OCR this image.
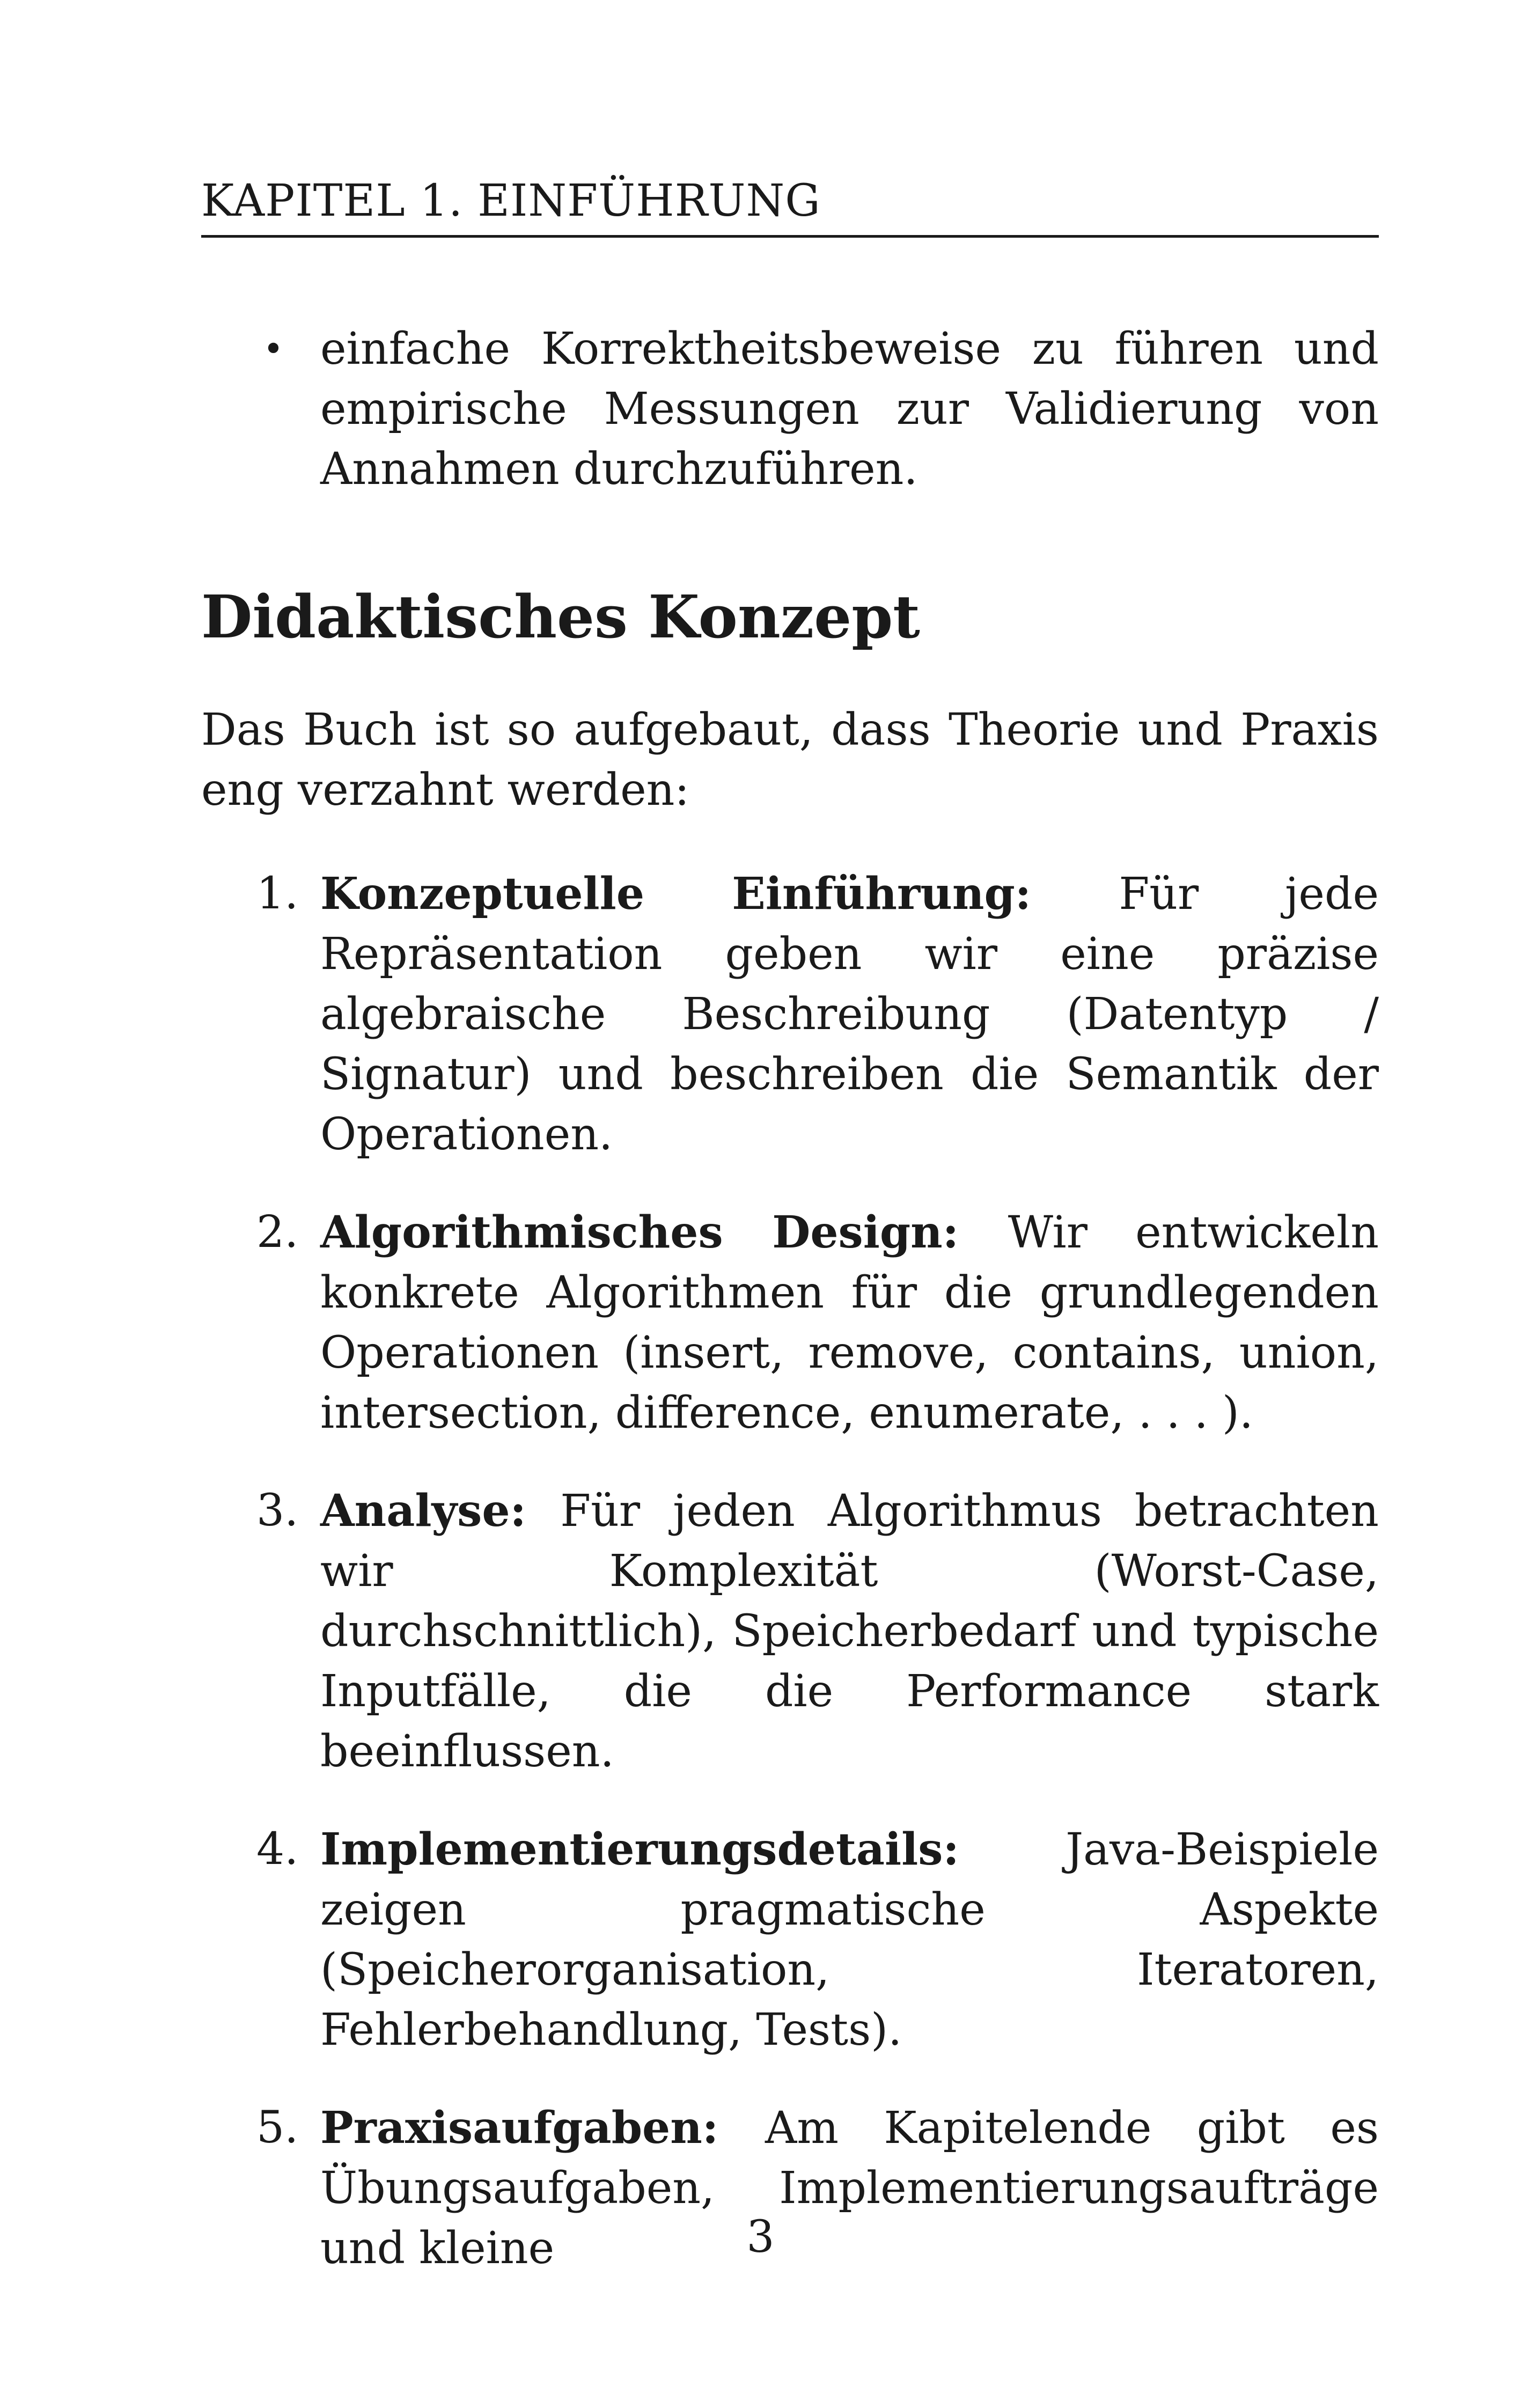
KAPITEL 1. EINFÜHRUNG
• einfache Korrektheitsbeweise zu führen und empirische Messungen zur Validierung von Annahmen durchzuführen.
Didaktisches Konzept
Das Buch ist so aufgebaut, dass Theorie und Praxis eng verzahnt werden:
1. Konzeptuelle Einführung: Für jede Repräsentation geben wir eine präzise algebraische Beschreibung (Datentyp / Signatur) und beschreiben die Semantik der Operationen.
2. Algorithmisches Design: Wir entwickeln konkrete Algorithmen für die grundlegenden Operationen (insert, remove, contains, union, intersection, difference, enumerate, . . . ).
3. Analyse: Für jeden Algorithmus betrachten wir Komplexität (Worst-Case, durchschnittlich), Speicherbedarf und typische Inputfälle, die die Performance stark beeinflussen.
4. Implementierungsdetails: Java-Beispiele zeigen pragmatische Aspekte (Speicherorganisation, Iteratoren, Fehlerbehandlung, Tests).
5. Praxisaufgaben: Am Kapitelende gibt es Übungsaufgaben, Implementierungsaufträge und kleine	3
